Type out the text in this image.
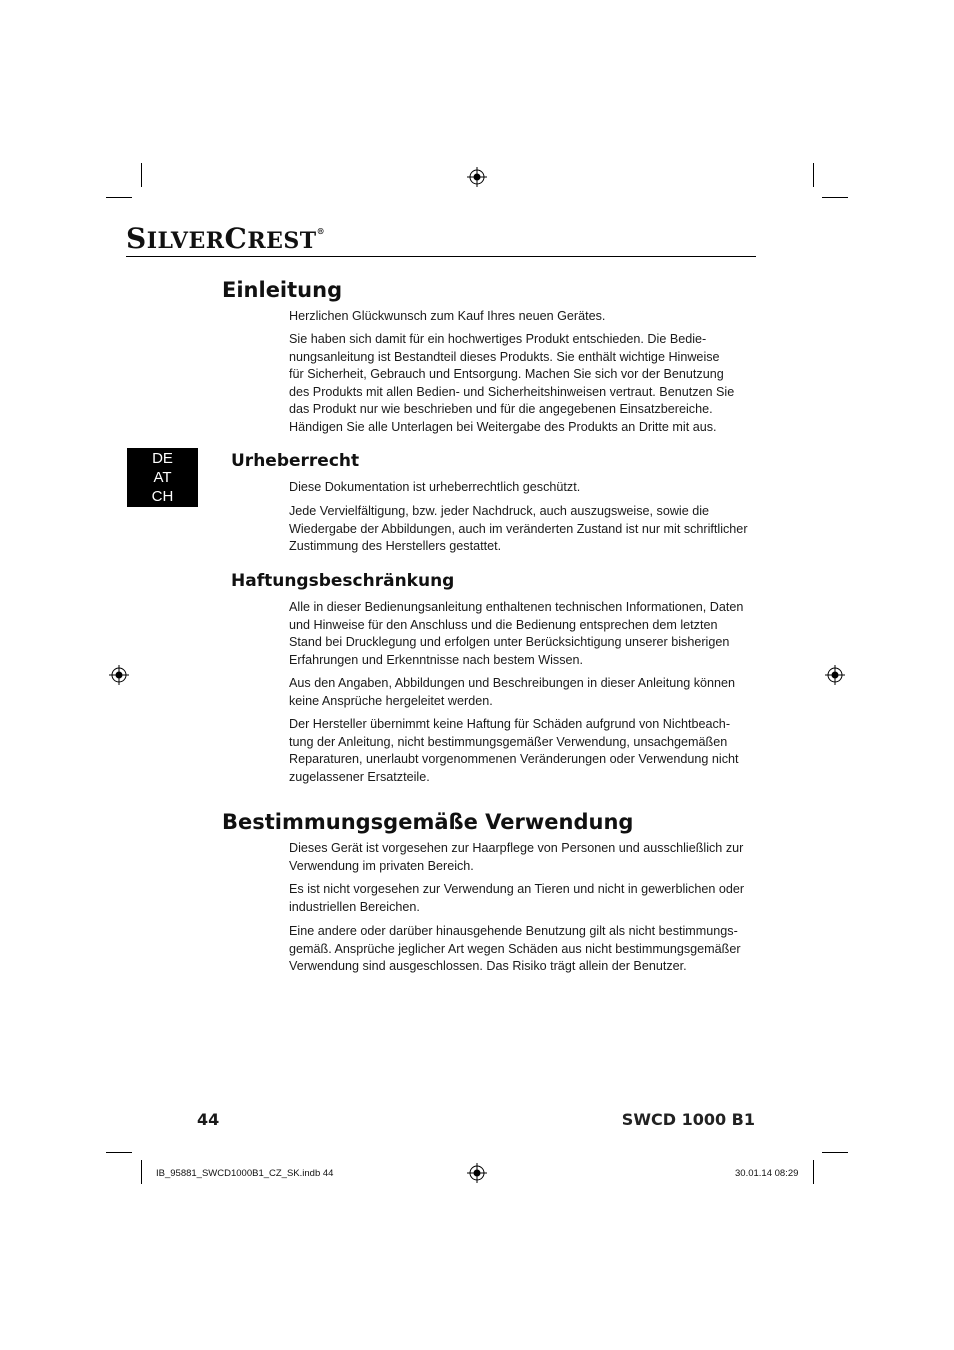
SILVERCREST®
DE
AT
CH
Einleitung
Herzlichen Glückwunsch zum Kauf Ihres neuen Gerätes.
Sie haben sich damit für ein hochwertiges Produkt entschieden. Die Bedie-
nungsanleitung ist Bestandteil dieses Produkts. Sie enthält wichtige Hinweise
für Sicherheit, Gebrauch und Entsorgung. Machen Sie sich vor der Benutzung
des Produkts mit allen Bedien- und Sicherheitshinweisen vertraut. Benutzen Sie
das Produkt nur wie beschrieben und für die angegebenen Einsatzbereiche.
Händigen Sie alle Unterlagen bei Weitergabe des Produkts an Dritte mit aus.
Urheberrecht
Diese Dokumentation ist urheberrechtlich geschützt.
Jede Vervielfältigung, bzw. jeder Nachdruck, auch auszugsweise, sowie die
Wiedergabe der Abbildungen, auch im veränderten Zustand ist nur mit schriftlicher
Zustimmung des Herstellers gestattet.
Haftungsbeschränkung
Alle in dieser Bedienungsanleitung enthaltenen technischen Informationen, Daten
und Hinweise für den Anschluss und die Bedienung entsprechen dem letzten
Stand bei Drucklegung und erfolgen unter Berücksichtigung unserer bisherigen
Erfahrungen und Erkenntnisse nach bestem Wissen.
Aus den Angaben, Abbildungen und Beschreibungen in dieser Anleitung können
keine Ansprüche hergeleitet werden.
Der Hersteller übernimmt keine Haftung für Schäden aufgrund von Nichtbeach-
tung der Anleitung, nicht bestimmungsgemäßer Verwendung, unsachgemäßen
Reparaturen, unerlaubt vorgenommenen Veränderungen oder Verwendung nicht
zugelassener Ersatzteile.
Bestimmungsgemäße Verwendung
Dieses Gerät ist vorgesehen zur Haarpflege von Personen und ausschließlich zur
Verwendung im privaten Bereich.
Es ist nicht vorgesehen zur Verwendung an Tieren und nicht in gewerblichen oder
industriellen Bereichen.
Eine andere oder darüber hinausgehende Benutzung gilt als nicht bestimmungs-
gemäß. Ansprüche jeglicher Art wegen Schäden aus nicht bestimmungsgemäßer
Verwendung sind ausgeschlossen. Das Risiko trägt allein der Benutzer.
44	SWCD 1000 B1
IB_95881_SWCD1000B1_CZ_SK.indb 44	30.01.14 08:29
